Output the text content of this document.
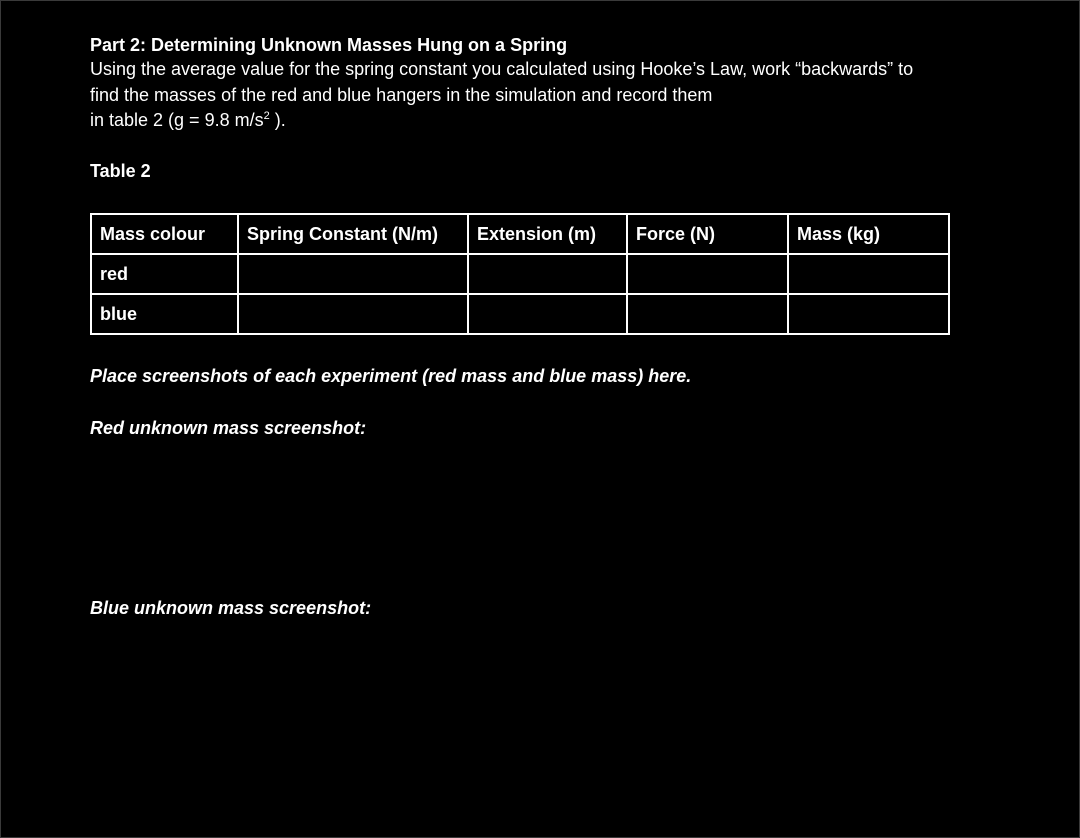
Part 2: Determining Unknown Masses Hung on a Spring

Using the average value for the spring constant you calculated using Hooke’s Law, work “backwards” to

find the masses of the red and blue hangers in the simulation and record them

in table 2 (g = 9.8 $m/s^2$ ).

Table 2
Mass colour	Spring Constant (N/m)	Extension (m)	Force (N)	Mass (kg)
red				
blue				

Place screenshots of each experiment (red mass and blue mass) here.

Red unknown mass screenshot:

Blue unknown mass screenshot:
